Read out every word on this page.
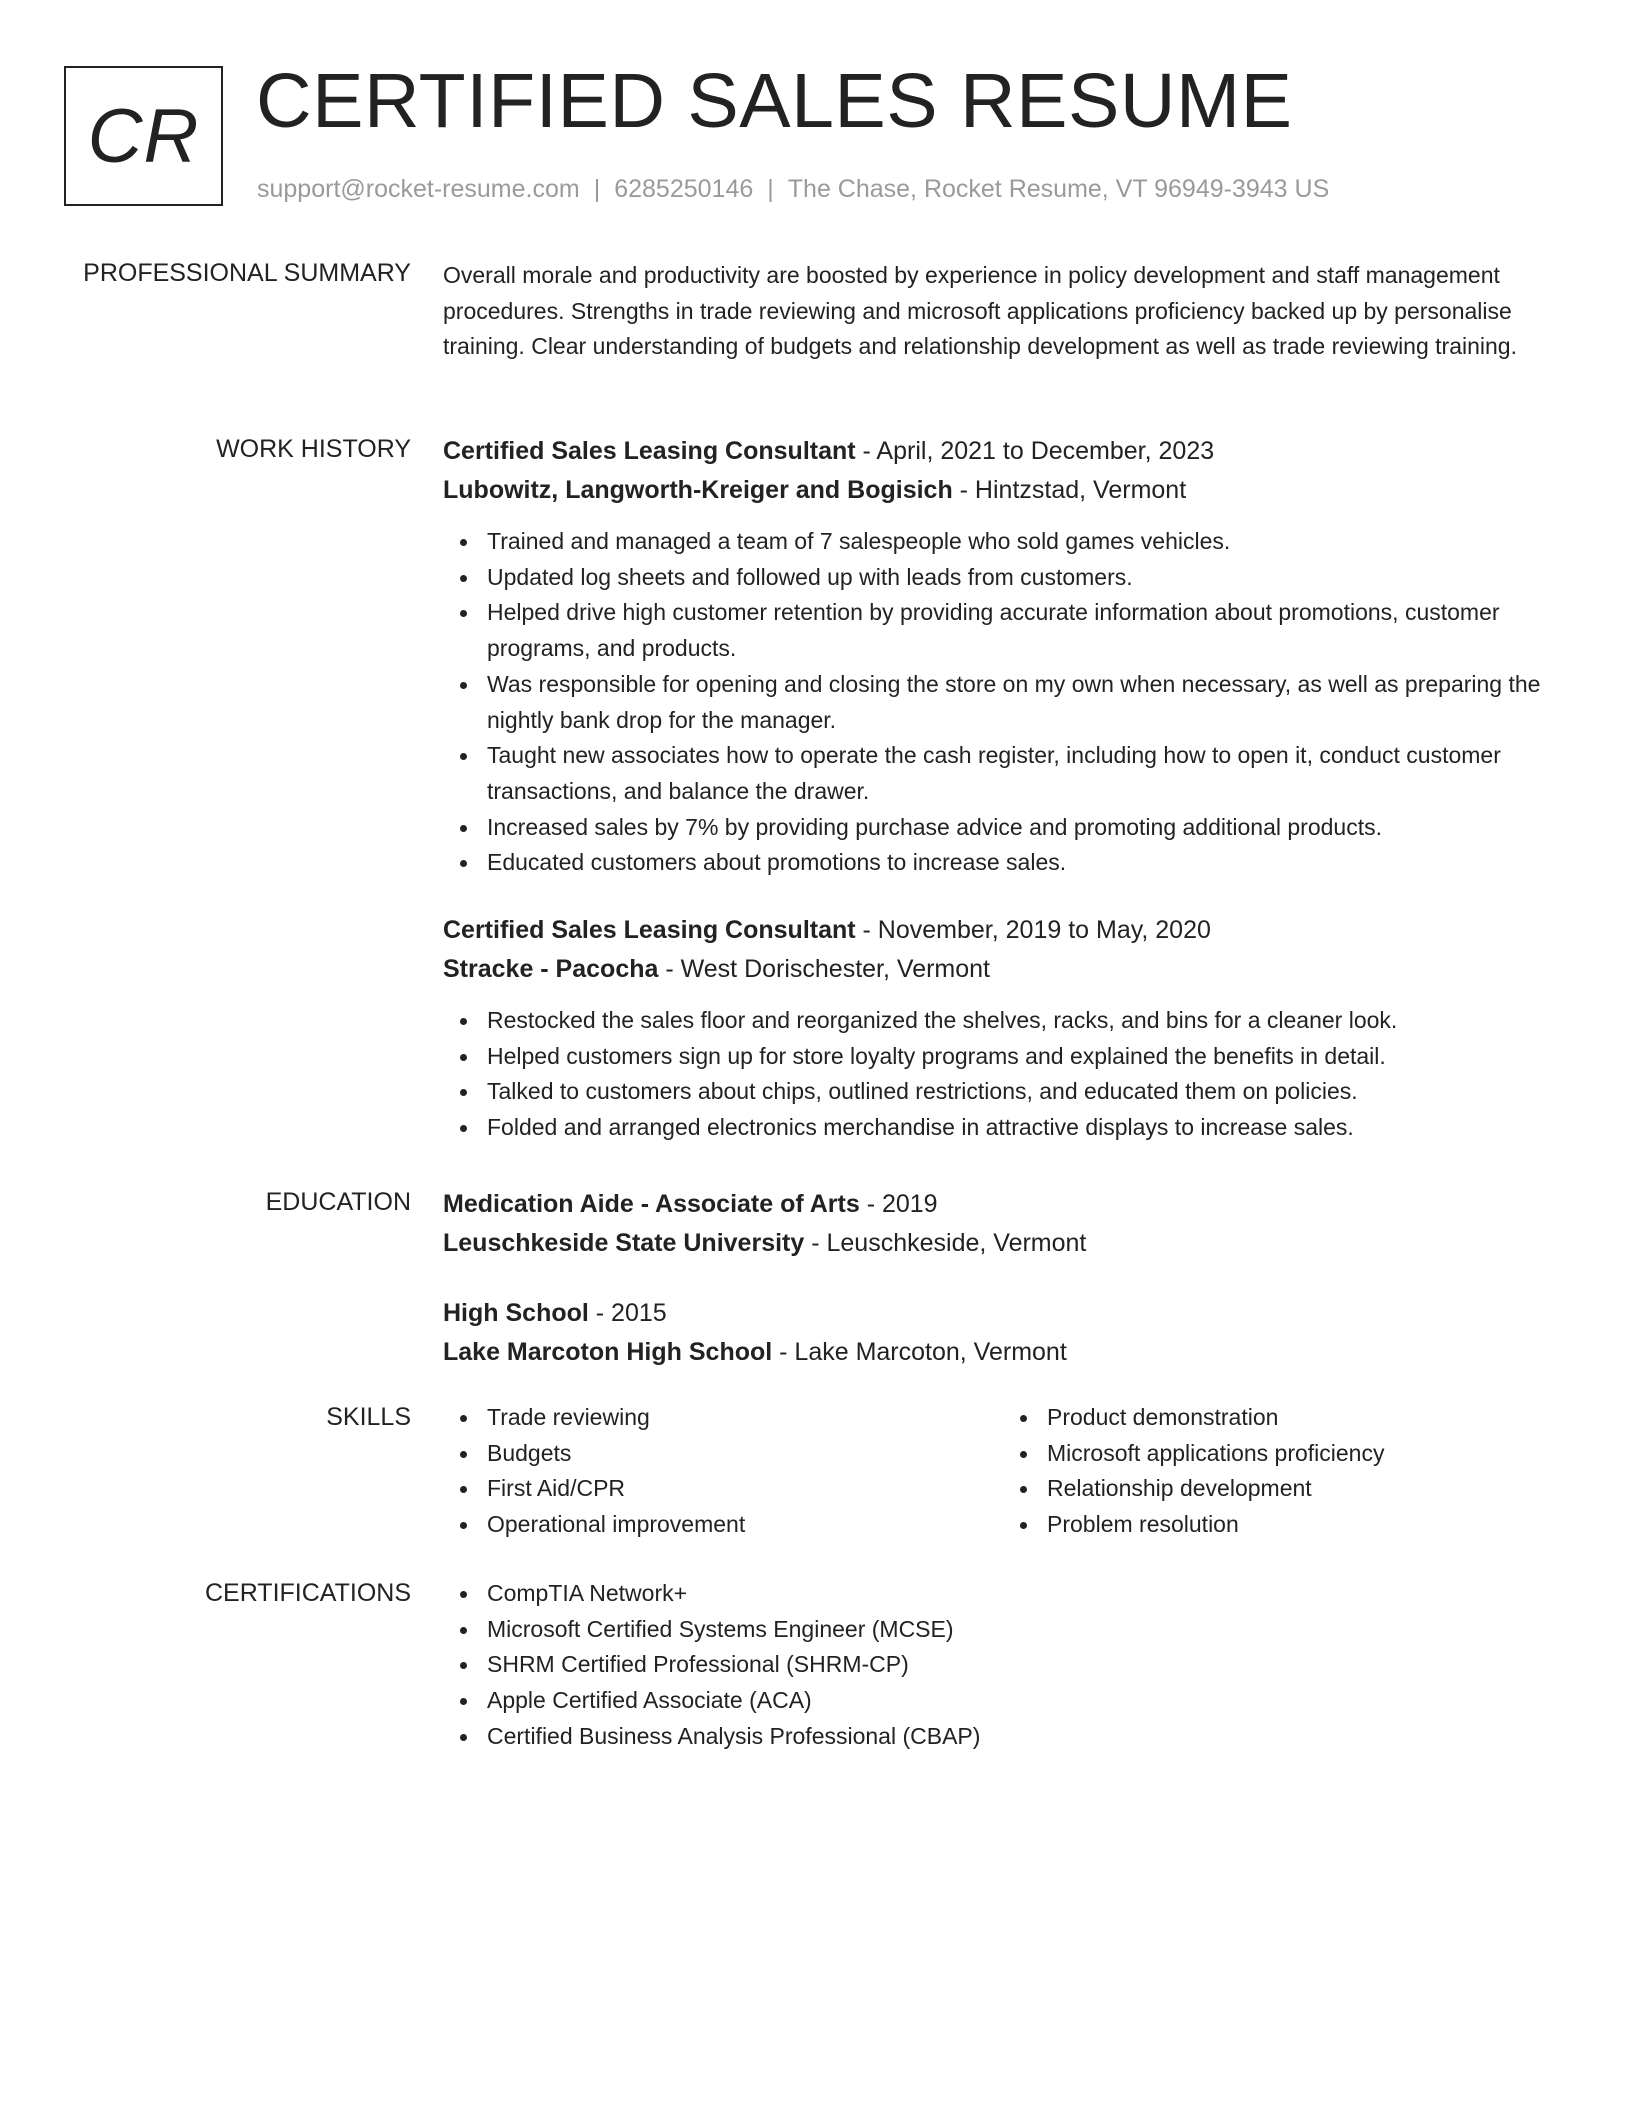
CR CERTIFIED SALES RESUME
support@rocket-resume.com | 6285250146 | The Chase, Rocket Resume, VT 96949-3943 US
PROFESSIONAL SUMMARY Overall morale and productivity are boosted by experience in policy development and staff management procedures. Strengths in trade reviewing and microsoft applications proficiency backed up by personalise training. Clear understanding of budgets and relationship development as well as trade reviewing training.

WORK HISTORY Certified Sales Leasing Consultant - April, 2021 to December, 2023
Lubowitz, Langworth-Kreiger and Bogisich - Hintzstad, Vermont
Trained and managed a team of 7 salespeople who sold games vehicles.
Updated log sheets and followed up with leads from customers.
Helped drive high customer retention by providing accurate information about promotions, customer programs, and products.
Was responsible for opening and closing the store on my own when necessary, as well as preparing the nightly bank drop for the manager.
Taught new associates how to operate the cash register, including how to open it, conduct customer transactions, and balance the drawer.
Increased sales by 7% by providing purchase advice and promoting additional products.
Educated customers about promotions to increase sales.
Certified Sales Leasing Consultant - November, 2019 to May, 2020
Stracke - Pacocha - West Dorischester, Vermont
Restocked the sales floor and reorganized the shelves, racks, and bins for a cleaner look.
Helped customers sign up for store loyalty programs and explained the benefits in detail.
Talked to customers about chips, outlined restrictions, and educated them on policies.
Folded and arranged electronics merchandise in attractive displays to increase sales.
EDUCATION Medication Aide - Associate of Arts - 2019
Leuschkeside State University - Leuschkeside, Vermont
High School - 2015
Lake Marcoton High School - Lake Marcoton, Vermont
SKILLS	Trade reviewing
Budgets
First Aid/CPR
Operational improvement
Product demonstration
Microsoft applications proficiency
Relationship development
Problem resolution
CERTIFICATIONS	CompTIA Network+
Microsoft Certified Systems Engineer (MCSE)
SHRM Certified Professional (SHRM-CP)
Apple Certified Associate (ACA)
Certified Business Analysis Professional (CBAP)
